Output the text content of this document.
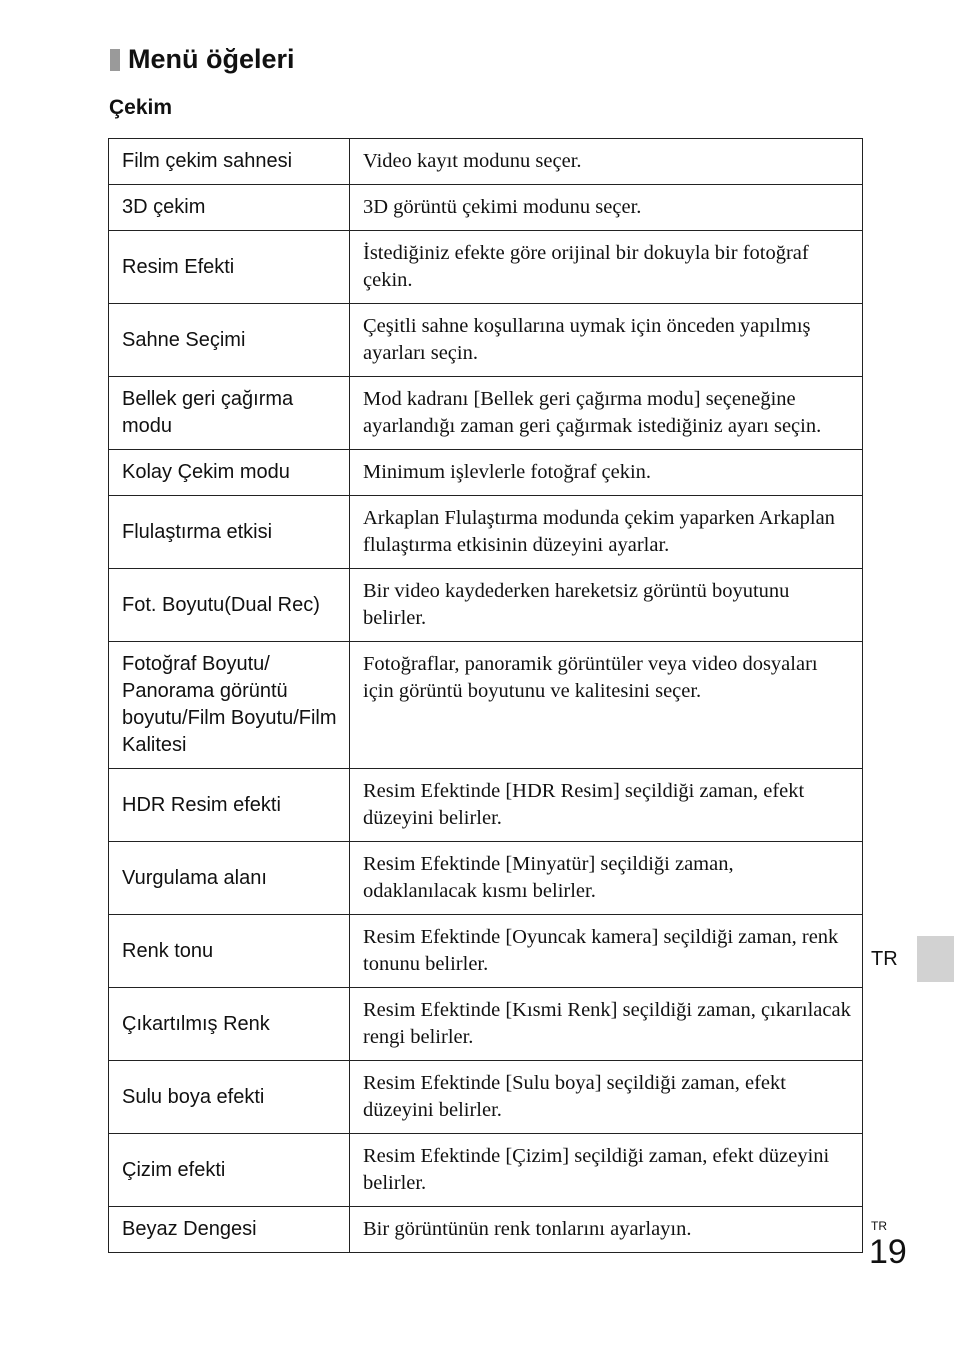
Menü öğeleri
Çekim
Film çekim sahnesi	Video kayıt modunu seçer.
3D çekim	3D görüntü çekimi modunu seçer.
Resim Efekti	İstediğiniz efekte göre orijinal bir dokuyla bir fotoğraf çekin.
Sahne Seçimi	Çeşitli sahne koşullarına uymak için önceden yapılmış ayarları seçin.
Bellek geri çağırma modu	Mod kadranı [Bellek geri çağırma modu] seçeneğine ayarlandığı zaman geri çağırmak istediğiniz ayarı seçin.
Kolay Çekim modu	Minimum işlevlerle fotoğraf çekin.
Flulaştırma etkisi	Arkaplan Flulaştırma modunda çekim yaparken Arkaplan flulaştırma etkisinin düzeyini ayarlar.
Fot. Boyutu(Dual Rec)	Bir video kaydederken hareketsiz görüntü boyutunu belirler.
Fotoğraf Boyutu/ Panorama görüntü boyutu/Film Boyutu/Film Kalitesi	Fotoğraflar, panoramik görüntüler veya video dosyaları için görüntü boyutunu ve kalitesini seçer.
HDR Resim efekti	Resim Efektinde [HDR Resim] seçildiği zaman, efekt düzeyini belirler.
Vurgulama alanı	Resim Efektinde [Minyatür] seçildiği zaman, odaklanılacak kısmı belirler.
Renk tonu	Resim Efektinde [Oyuncak kamera] seçildiği zaman, renk tonunu belirler.
Çıkartılmış Renk	Resim Efektinde [Kısmi Renk] seçildiği zaman, çıkarılacak rengi belirler.
Sulu boya efekti	Resim Efektinde [Sulu boya] seçildiği zaman, efekt düzeyini belirler.
Çizim efekti	Resim Efektinde [Çizim] seçildiği zaman, efekt düzeyini belirler.
Beyaz Dengesi	Bir görüntünün renk tonlarını ayarlayın.
TR
TR
19
